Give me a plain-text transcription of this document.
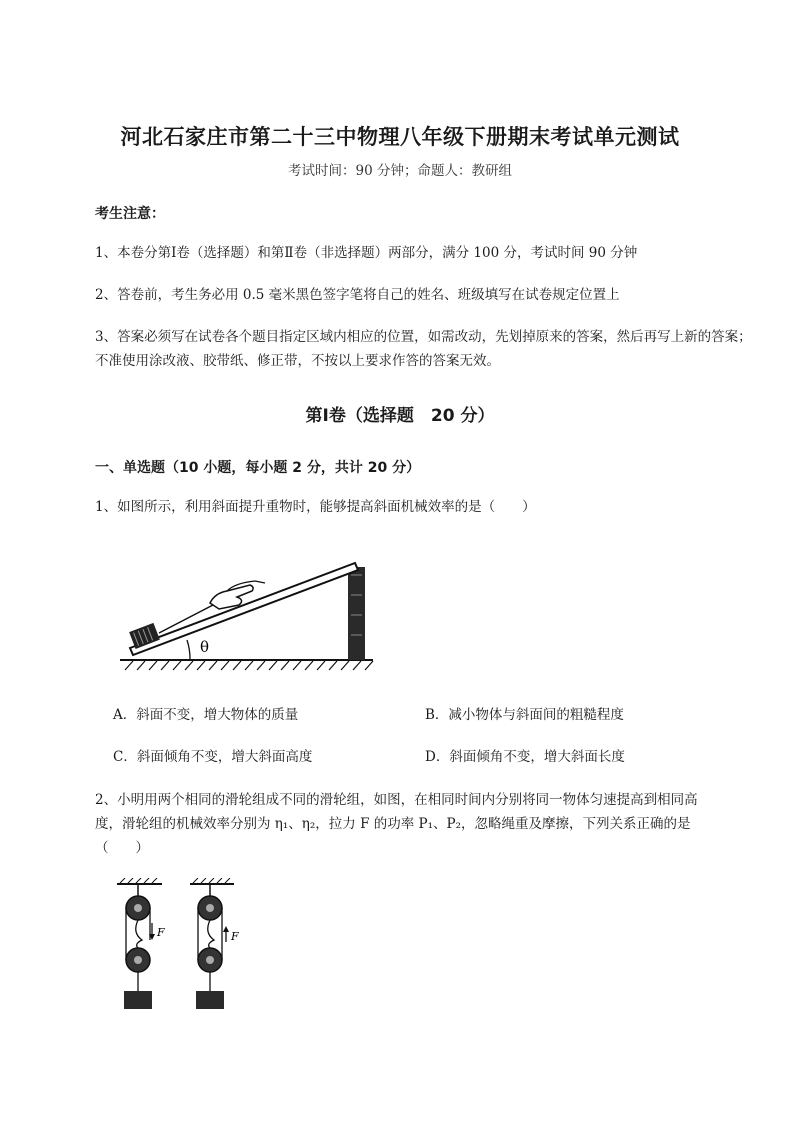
河北石家庄市第二十三中物理八年级下册期末考试单元测试
考试时间：90 分钟；命题人：教研组
考生注意：
1、本卷分第Ⅰ卷（选择题）和第Ⅱ卷（非选择题）两部分，满分 100 分，考试时间 90 分钟
2、答卷前，考生务必用 0.5 毫米黑色签字笔将自己的姓名、班级填写在试卷规定位置上
3、答案必须写在试卷各个题目指定区域内相应的位置，如需改动，先划掉原来的答案，然后再写上新的答案；不准使用涂改液、胶带纸、修正带，不按以上要求作答的答案无效。
第Ⅰ卷（选择题　20 分）
一、单选题（10 小题，每小题 2 分，共计 20 分）
1、如图所示，利用斜面提升重物时，能够提高斜面机械效率的是（　　）
θ
A．斜面不变，增大物体的质量	B．减小物体与斜面间的粗糙程度
C．斜面倾角不变，增大斜面高度	D．斜面倾角不变，增大斜面长度
2、小明用两个相同的滑轮组成不同的滑轮组，如图，在相同时间内分别将同一物体匀速提高到相同高
度，滑轮组的机械效率分别为 η₁、η₂，拉力 F 的功率 P₁、P₂，忽略绳重及摩擦，下列关系正确的是
（　　）
F	F
